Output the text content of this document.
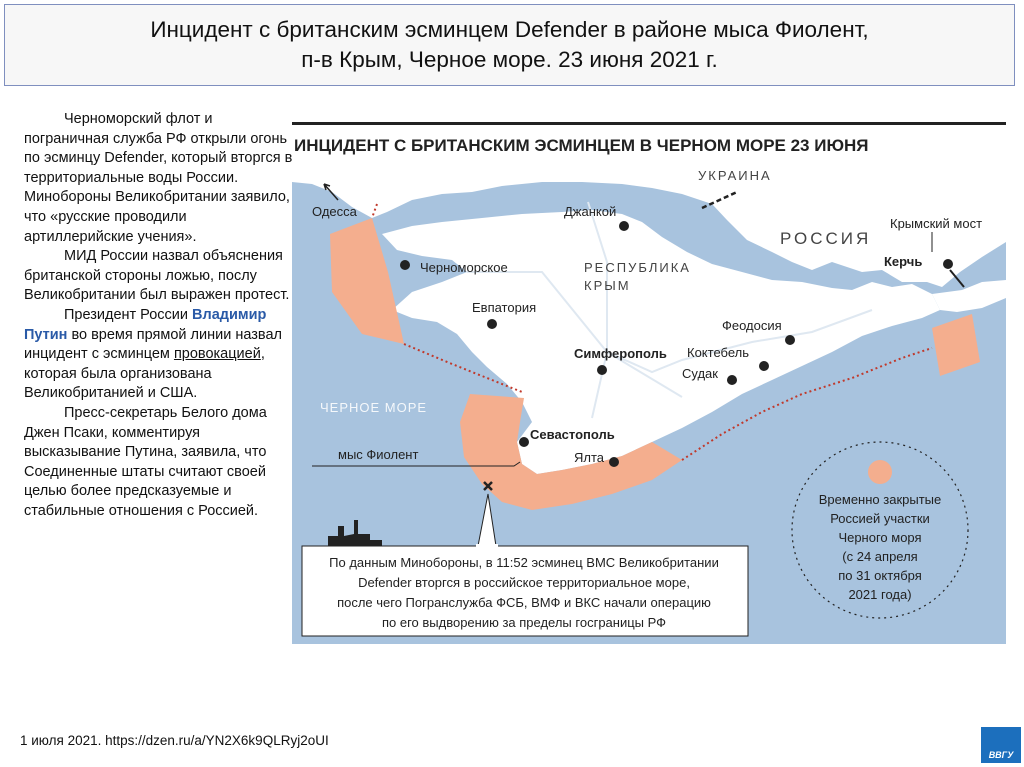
Инцидент с британским эсминцем Defender в районе мыса Фиолент,
п-в Крым, Черное море. 23 июня 2021 г.

Черноморский флот и пограничная служба РФ открыли огонь по эсминцу Defender, который вторгся в территориальные воды России. Минобороны Великобритании заявило, что «русские проводили артиллерийские учения».

МИД России назвал объяснения британской стороны ложью, послу Великобритании был выражен протест.

Президент России Владимир Путин во время прямой линии назвал инцидент с эсминцем провокацией, которая была организована Великобританией и США.

Пресс-секретарь Белого дома Джен Псаки, комментируя высказывание Путина, заявила, что Соединенные штаты считают своей целью более предсказуемые и стабильные отношения с Россией.

ИНЦИДЕНТ С БРИТАНСКИМ ЭСМИНЦЕМ В ЧЕРНОМ МОРЕ 23 ИЮНЯ
Одесса
Черноморское
Евпатория
Джанкой
Симферополь
Феодосия
Коктебель
Судак
Севастополь
Ялта
Керчь
Крымский мост
УКРАИНА
РОССИЯ
РЕСПУБЛИКА
КРЫМ
ЧЕРНОЕ МОРЕ
мыс Фиолент
По данным Минобороны, в 11:52 эсминец ВМС Великобритании
Defender вторгся в российское территориальное море,
после чего Погранслужба ФСБ, ВМФ и ВКС начали операцию
по его выдворению за пределы госграницы РФ
Временно закрытые
Россией участки
Черного моря
(с 24 апреля
по 31 октября
2021 года)
1 июля 2021. https://dzen.ru/a/YN2X6k9QLRyj2oUI
ВВГУ
